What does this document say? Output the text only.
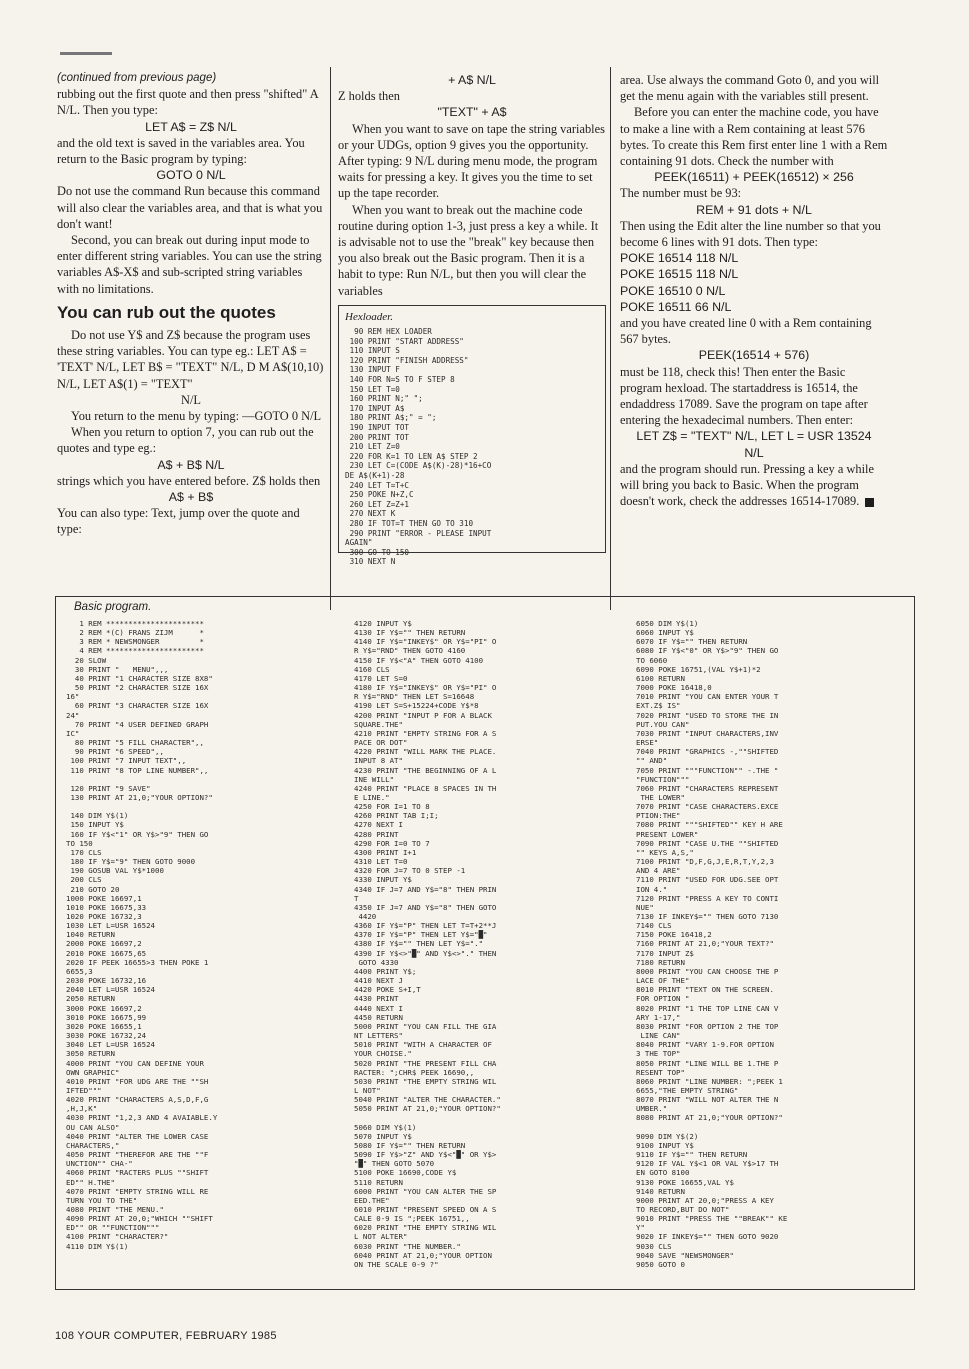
(continued from previous page)

rubbing out the first quote and then press "shifted" A N/L. Then you type:

LET A$ = Z$ N/L

and the old text is saved in the variables area. You return to the Basic program by typing:

GOTO 0 N/L

Do not use the command Run because this command will also clear the variables area, and that is what you don't want!

Second, you can break out during input mode to enter different string variables. You can use the string variables A$-X$ and sub-scripted string variables with no limitations.

You can rub out the quotes

Do not use Y$ and Z$ because the program uses these string variables. You can type eg.: LET A$ = 'TEXT' N/L, LET B$ = "TEXT" N/L, D M A$(10,10) N/L, LET A$(1) = "TEXT"

N/L

You return to the menu by typing: —GOTO 0 N/L

When you return to option 7, you can rub out the quotes and type eg.:

A$ + B$ N/L

strings which you have entered before. Z$ holds then

A$ + B$

You can also type: Text, jump over the quote and type:

+ A$ N/L

Z holds then

"TEXT" + A$

When you want to save on tape the string variables or your UDGs, option 9 gives you the opportunity. After typing: 9 N/L during menu mode, the program waits for pressing a key. It gives you the time to set up the tape recorder.

When you want to break out the machine code routine during option 1-3, just press a key a while. It is advisable not to use the "break" key because then you also break out the Basic program. Then it is a habit to type: Run N/L, but then you will clear the variables

Hexloader.
90 REM HEX LOADER
100 PRINT "START ADDRESS"
110 INPUT S
120 PRINT "FINISH ADDRESS"
130 INPUT F
140 FOR N=S TO F STEP 8
150 LET T=0
160 PRINT N;" ";
170 INPUT A$
180 PRINT A$;" = ";
190 INPUT TOT
200 PRINT TOT
210 LET Z=0
220 FOR K=1 TO LEN A$ STEP 2
230 LET C=(CODE A$(K)-28)*16+CO
DE A$(K+1)-28
240 LET T=T+C
250 POKE N+Z,C
260 LET Z=Z+1
270 NEXT K
280 IF TOT=T THEN GO TO 310
290 PRINT "ERROR - PLEASE INPUT
AGAIN"
300 GO TO 150
310 NEXT N

area. Use always the command Goto 0, and you will get the menu again with the variables still present.

Before you can enter the machine code, you have to make a line with a Rem containing at least 576 bytes. To create this Rem first enter line 1 with a Rem containing 91 dots. Check the number with

PEEK(16511) + PEEK(16512) × 256

The number must be 93:

REM + 91 dots + N/L

Then using the Edit alter the line number so that you become 6 lines with 91 dots. Then type:

POKE 16514 118 N/L

POKE 16515 118 N/L

POKE 16510 0 N/L

POKE 16511 66 N/L

and you have created line 0 with a Rem containing 567 bytes.

PEEK(16514 + 576)

must be 118, check this! Then enter the Basic program hexload. The startaddress is 16514, the endaddress 17089. Save the program on tape after entering the hexadecimal numbers. Then enter:

LET Z$ = "TEXT" N/L, LET L = USR 13524

N/L

and the program should run. Pressing a key a while will bring you back to Basic. When the program doesn't work, check the addresses 16514-17089.

Basic program.
1 REM **********************
2 REM *(C) FRANS ZIJM      *
3 REM * NEWSMONGER         *
4 REM **********************
20 SLOW
30 PRINT "   MENU",,,
40 PRINT "1 CHARACTER SIZE 8X8"
50 PRINT "2 CHARACTER SIZE 16X
16"
60 PRINT "3 CHARACTER SIZE 16X
24"
70 PRINT "4 USER DEFINED GRAPH
IC"
80 PRINT "5 FILL CHARACTER",,
90 PRINT "6 SPEED",,
100 PRINT "7 INPUT TEXT",,
110 PRINT "8 TOP LINE NUMBER",,

120 PRINT "9 SAVE"
130 PRINT AT 21,0;"YOUR OPTION?"

140 DIM Y$(1)
150 INPUT Y$
160 IF Y$<"1" OR Y$>"9" THEN GO
TO 150
170 CLS
180 IF Y$="9" THEN GOTO 9000
190 GOSUB VAL Y$*1000
200 CLS
210 GOTO 20
1000 POKE 16697,1
1010 POKE 16675,33
1020 POKE 16732,3
1030 LET L=USR 16524
1040 RETURN
2000 POKE 16697,2
2010 POKE 16675,65
2020 IF PEEK 16655>3 THEN POKE 1
6655,3
2030 POKE 16732,16
2040 LET L=USR 16524
2050 RETURN
3000 POKE 16697,2
3010 POKE 16675,99
3020 POKE 16655,1
3030 POKE 16732,24
3040 LET L=USR 16524
3050 RETURN
4000 PRINT "YOU CAN DEFINE YOUR
OWN GRAPHIC"
4010 PRINT "FOR UDG ARE THE ""SH
IFTED"""
4020 PRINT "CHARACTERS A,S,D,F,G
,H,J,K"
4030 PRINT "1,2,3 AND 4 AVAIABLE.Y
OU CAN ALSO"
4040 PRINT "ALTER THE LOWER CASE
CHARACTERS,"
4050 PRINT "THEREFOR ARE THE ""F
UNCTION"" CHA-"
4060 PRINT "RACTERS PLUS ""SHIFT
ED"" H.THE"
4070 PRINT "EMPTY STRING WILL RE
TURN YOU TO THE"
4080 PRINT "THE MENU."
4090 PRINT AT 20,0;"WHICH ""SHIFT
ED"" OR ""FUNCTION"""
4100 PRINT "CHARACTER?"
4110 DIM Y$(1)
4120 INPUT Y$
4130 IF Y$="" THEN RETURN
4140 IF Y$="INKEY$" OR Y$="PI" O
R Y$="RND" THEN GOTO 4160
4150 IF Y$<"A" THEN GOTO 4100
4160 CLS
4170 LET S=0
4180 IF Y$="INKEY$" OR Y$="PI" O
R Y$="RND" THEN LET S=16648
4190 LET S=S+15224+CODE Y$*8
4200 PRINT "INPUT P FOR A BLACK
SQUARE.THE"
4210 PRINT "EMPTY STRING FOR A S
PACE OR DOT"
4220 PRINT "WILL MARK THE PLACE.
INPUT 8 AT"
4230 PRINT "THE BEGINNING OF A L
INE WILL"
4240 PRINT "PLACE 8 SPACES IN TH
E LINE."
4250 FOR I=1 TO 8
4260 PRINT TAB I;I;
4270 NEXT I
4280 PRINT
4290 FOR I=0 TO 7
4300 PRINT I+1
4310 LET T=0
4320 FOR J=7 TO 0 STEP -1
4330 INPUT Y$
4340 IF J=7 AND Y$="8" THEN PRIN
T
4350 IF J=7 AND Y$="8" THEN GOTO
4420
4360 IF Y$="P" THEN LET T=T+2**J
4370 IF Y$="P" THEN LET Y$="█"
4380 IF Y$="" THEN LET Y$="."
4390 IF Y$<>"█" AND Y$<>"." THEN
GOTO 4330
4400 PRINT Y$;
4410 NEXT J
4420 POKE S+I,T
4430 PRINT
4440 NEXT I
4450 RETURN
5000 PRINT "YOU CAN FILL THE GIA
NT LETTERS"
5010 PRINT "WITH A CHARACTER OF
YOUR CHOISE."
5020 PRINT "THE PRESENT FILL CHA
RACTER: ";CHR$ PEEK 16690,,
5030 PRINT "THE EMPTY STRING WIL
L NOT"
5040 PRINT "ALTER THE CHARACTER."
5050 PRINT AT 21,0;"YOUR OPTION?"

5060 DIM Y$(1)
5070 INPUT Y$
5080 IF Y$="" THEN RETURN
5090 IF Y$>"Z" AND Y$<"█" OR Y$>
"█" THEN GOTO 5070
5100 POKE 16690,CODE Y$
5110 RETURN
6000 PRINT "YOU CAN ALTER THE SP
EED.THE"
6010 PRINT "PRESENT SPEED ON A S
CALE 0-9 IS ";PEEK 16751,,
6020 PRINT "THE EMPTY STRING WIL
L NOT ALTER"
6030 PRINT "THE NUMBER."
6040 PRINT AT 21,0;"YOUR OPTION
ON THE SCALE 0-9 ?"
6050 DIM Y$(1)
6060 INPUT Y$
6070 IF Y$="" THEN RETURN
6080 IF Y$<"0" OR Y$>"9" THEN GO
TO 6060
6090 POKE 16751,(VAL Y$+1)*2
6100 RETURN
7000 POKE 16418,0
7010 PRINT "YOU CAN ENTER YOUR T
EXT.Z$ IS"
7020 PRINT "USED TO STORE THE IN
PUT.YOU CAN"
7030 PRINT "INPUT CHARACTERS,INV
ERSE"
7040 PRINT "GRAPHICS -,""SHIFTED
"" AND"
7050 PRINT """FUNCTION"" -.THE "
"FUNCTION"""
7060 PRINT "CHARACTERS REPRESENT
THE LOWER"
7070 PRINT "CASE CHARACTERS.EXCE
PTION:THE"
7080 PRINT """SHIFTED"" KEY H ARE
PRESENT LOWER"
7090 PRINT "CASE U.THE ""SHIFTED
"" KEYS A,S,"
7100 PRINT "D,F,G,J,E,R,T,Y,2,3
AND 4 ARE"
7110 PRINT "USED FOR UDG.SEE OPT
ION 4."
7120 PRINT "PRESS A KEY TO CONTI
NUE"
7130 IF INKEY$="" THEN GOTO 7130
7140 CLS
7150 POKE 16418,2
7160 PRINT AT 21,0;"YOUR TEXT?"
7170 INPUT Z$
7180 RETURN
8000 PRINT "YOU CAN CHOOSE THE P
LACE OF THE"
8010 PRINT "TEXT ON THE SCREEN.
FOR OPTION "
8020 PRINT "1 THE TOP LINE CAN V
ARY 1-17,"
8030 PRINT "FOR OPTION 2 THE TOP
LINE CAN"
8040 PRINT "VARY 1-9.FOR OPTION
3 THE TOP"
8050 PRINT "LINE WILL BE 1.THE P
RESENT TOP"
8060 PRINT "LINE NUMBER: ";PEEK 1
6655,"THE EMPTY STRING"
8070 PRINT "WILL NOT ALTER THE N
UMBER."
8080 PRINT AT 21,0;"YOUR OPTION?"

9090 DIM Y$(2)
9100 INPUT Y$
9110 IF Y$="" THEN RETURN
9120 IF VAL Y$<1 OR VAL Y$>17 TH
EN GOTO 8100
9130 POKE 16655,VAL Y$
9140 RETURN
9000 PRINT AT 20,0;"PRESS A KEY
TO RECORD,BUT DO NOT"
9010 PRINT "PRESS THE ""BREAK"" KE
Y"
9020 IF INKEY$="" THEN GOTO 9020
9030 CLS
9040 SAVE "NEWSMONGER"
9050 GOTO 0
108 YOUR COMPUTER, FEBRUARY 1985
